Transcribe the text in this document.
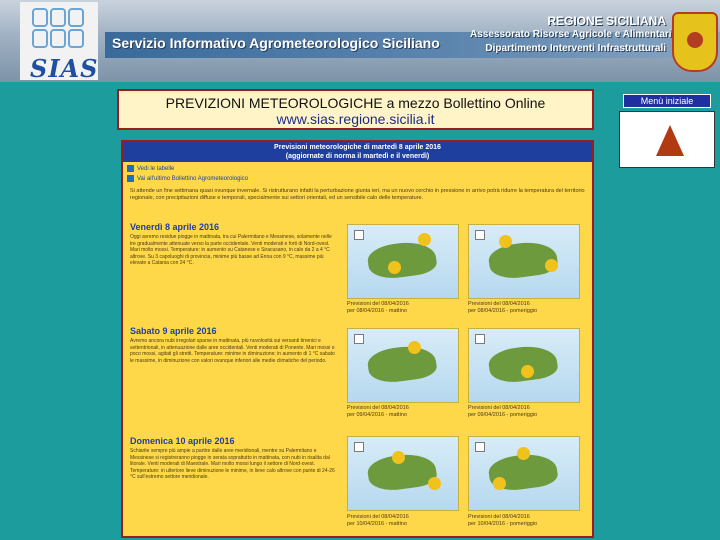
SIAS
Servizio Informativo Agrometeorologico Siciliano
REGIONE SICILIANA
Assessorato Risorse Agricole e Alimentari
Dipartimento Interventi Infrastrutturali
PREVIZIONI METEOROLOGICHE a mezzo Bollettino Online
www.sias.regione.sicilia.it
Previsioni meteorologiche di martedì 8 aprile 2016
(aggiornate di norma il martedì e il venerdì)
Vedi le tabelle
Vai all'ultimo Bollettino Agrometeorologico
Si attende un fine settimana quasi ovunque invernale. Si ristrutturano infatti la perturbazione giunta ieri, ma un nuovo cerchio in pressione in arrivo potrà ridurre la temperatura del territorio regionale, con precipitazioni diffuse e temporali, specialmente sui settori orientali, ed un sensibile calo delle temperature.
Venerdì 8 aprile 2016
Oggi avremo residue piogge in mattinata, tra cui Palermitano e Messinese, solamente nelle tre gradualmente attenuate verso la parte occidentale. Venti moderati e forti di Nord-ovest. Mari molto mossi. Temperature: in aumento su Catanese e Siracusano, in calo da 2 a 4 °C altrove. Su 3 capoluoghi di provincia, minime più basse ad Enna con 9 °C, massime più elevate a Catania con 24 °C.
Previsioni del 08/04/2016
per 08/04/2016 - mattino
Previsioni del 08/04/2016
per 08/04/2016 - pomeriggio
Sabato 9 aprile 2016
Avremo ancora nubi irregolari sparse in mattinata, più nuvolosità sui versanti tirrenici e settentrionali, in attenuazione dalle aree occidentali. Venti moderati di Ponente. Mari mossi o poco mossi, agitati gli stretti. Temperature: minime in diminuzione; in aumento di 1 °C sabato le massime, in diminuzione con valori ovunque inferiori alle medie climatiche del periodo.
Previsioni del 08/04/2016
per 09/04/2016 - mattino
Previsioni del 08/04/2016
per 09/04/2016 - pomeriggio
Domenica 10 aprile 2016
Schiarite sempre più ampie a partire dalle aree meridionali, mentre su Palermitano e Messinese si registreranno piogge in serata soprattutto in mattinata, con nubi in risalita dal litorale. Venti moderati di Maestrale. Mari molto mossi lungo il settore di Nord-ovest. Temperature: in ulteriore lieve diminuzione le minime, in lieve calo altrove con punte di 24-26 °C sull'estremo settore meridionale.
Previsioni del 08/04/2016
per 10/04/2016 - mattino
Previsioni del 08/04/2016
per 10/04/2016 - pomeriggio
Menù iniziale
